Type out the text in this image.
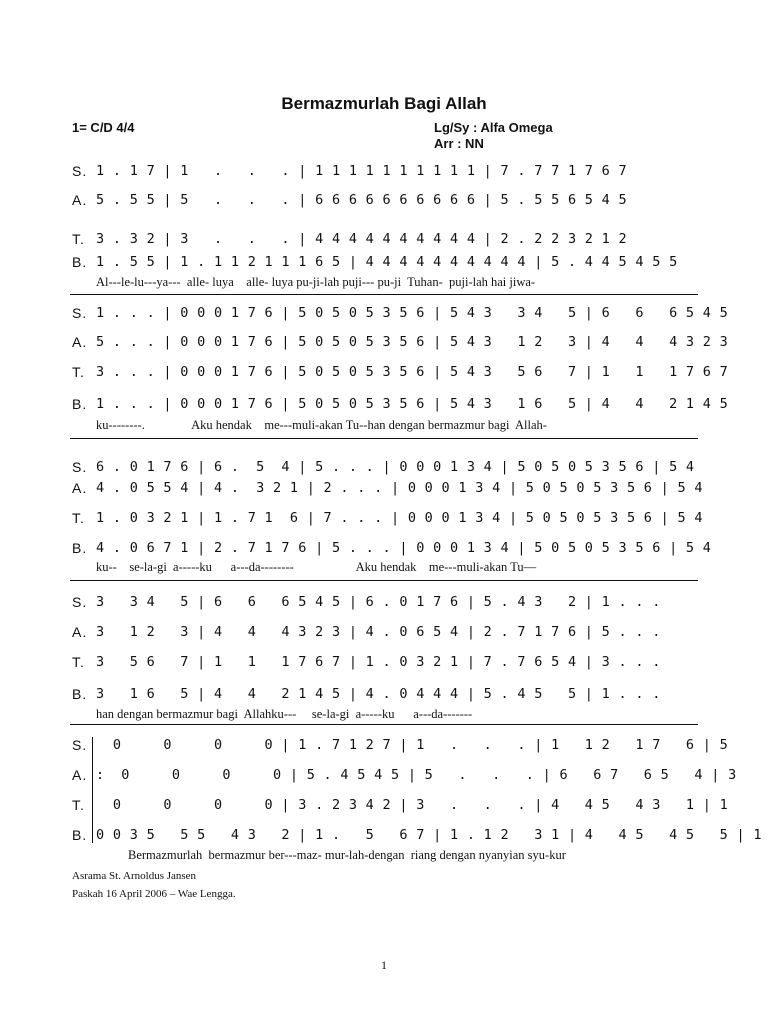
Bermazmurlah Bagi Allah
1= C/D 4/4	Lg/Sy : Alfa Omega
Arr : NN
S. 1 . 1 7 | 1   .   .   . | 1 1 1 1 1 1 1 1 1 1 | 7 . 7 7 1 7 6 7
A. 5 . 5 5 | 5   .   .   . | 6 6 6 6 6 6 6 6 6 6 | 5 . 5 5 6 5 4 5
T. 3 . 3 2 | 3   .   .   . | 4 4 4 4 4 4 4 4 4 4 | 2 . 2 2 3 2 1 2
B. 1 . 5 5 | 1 . 1 1 2 1 1 1 6 5 | 4 4 4 4 4 4 4 4 4 4 | 5 . 4 4 5 4 5 5
Al---le-lu---ya---  alle- luya    alle- luya pu-ji-lah puji--- pu-ji  Tuhan-  puji-lah hai jiwa-
S. 1 . . . | 0 0 0 1 7 6 | 5 0 5 0 5 3 5 6 | 5 4 3   3 4   5 | 6   6   6 5 4 5
A. 5 . . . | 0 0 0 1 7 6 | 5 0 5 0 5 3 5 6 | 5 4 3   1 2   3 | 4   4   4 3 2 3
T. 3 . . . | 0 0 0 1 7 6 | 5 0 5 0 5 3 5 6 | 5 4 3   5 6   7 | 1   1   1 7 6 7
B. 1 . . . | 0 0 0 1 7 6 | 5 0 5 0 5 3 5 6 | 5 4 3   1 6   5 | 4   4   2 1 4 5
ku--------.               Aku hendak    me---muli-akan Tu--han dengan bermazmur bagi  Allah-
S. 6 . 0 1 7 6 | 6 .  5  4 | 5 . . . | 0 0 0 1 3 4 | 5 0 5 0 5 3 5 6 | 5 4
A. 4 . 0 5 5 4 | 4 .  3 2 1 | 2 . . . | 0 0 0 1 3 4 | 5 0 5 0 5 3 5 6 | 5 4
T. 1 . 0 3 2 1 | 1 . 7 1  6 | 7 . . . | 0 0 0 1 3 4 | 5 0 5 0 5 3 5 6 | 5 4
B. 4 . 0 6 7 1 | 2 . 7 1 7 6 | 5 . . . | 0 0 0 1 3 4 | 5 0 5 0 5 3 5 6 | 5 4
ku--    se-la-gi  a-----ku      a---da--------                    Aku hendak    me---muli-akan Tu—
S. 3   3 4   5 | 6   6   6 5 4 5 | 6 . 0 1 7 6 | 5 . 4 3   2 | 1 . . .
A. 3   1 2   3 | 4   4   4 3 2 3 | 4 . 0 6 5 4 | 2 . 7 1 7 6 | 5 . . .
T. 3   5 6   7 | 1   1   1 7 6 7 | 1 . 0 3 2 1 | 7 . 7 6 5 4 | 3 . . .
B. 3   1 6   5 | 4   4   2 1 4 5 | 4 . 0 4 4 4 | 5 . 4 5   5 | 1 . . .
han dengan bermazmur bagi  Allahku---     se-la-gi  a-----ku      a---da-------
S. 0     0     0     0 | 1 . 7 1 2 7 | 1   .   .   . | 1   1 2   1 7   6 | 5
A. :  0     0     0     0 | 5 . 4 5 4 5 | 5   .   .   . | 6   6 7   6 5   4 | 3
T. 0     0     0     0 | 3 . 2 3 4 2 | 3   .   .   . | 4   4 5   4 3   1 | 1
B. 0 0 3 5   5 5   4 3   2 | 1 .   5   6 7 | 1 . 1 2   3 1 | 4   4 5   4 5   5 | 1
Bermazmurlah  bermazmur ber---maz- mur-lah-dengan  riang dengan nyanyian syu-kur
Asrama St. Arnoldus Jansen
Paskah 16 April 2006 – Wae Lengga.
1
